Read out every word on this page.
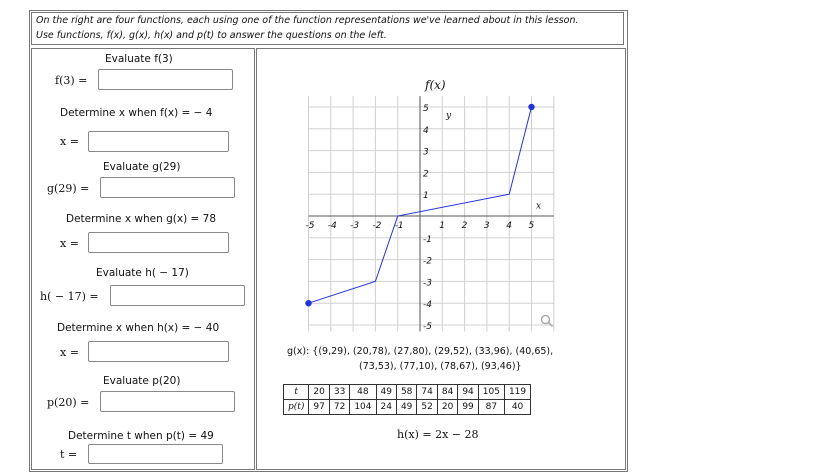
On the right are four functions, each using one of the function representations we've learned about in this lesson.
Use functions, f(x), g(x), h(x) and p(t) to answer the questions on the left.
Evaluate f(3)
f(3) =
Determine x when f(x) = − 4
x =
Evaluate g(29)
g(29) =
Determine x when g(x) = 78
x =
Evaluate h( − 17)
h( − 17) =
Determine x when h(x) = − 40
x =
Evaluate p(20)
p(20) =
Determine t when p(t) = 49
t =
f(x)
-5 -4 -3 -2 -1	1 2 3 4 5
5
4
3
2
1
-1
-2
-3
-4
-5
x
y
g(x): {(9,29), (20,78), (27,80), (29,52), (33,96), (40,65),
(73,53), (77,10), (78,67), (93,46)}
t	20	33	48	49	58	74	84	94	105	119
p(t)	97	72	104	24	49	52	20	99	87	40
h(x) = 2x − 28
